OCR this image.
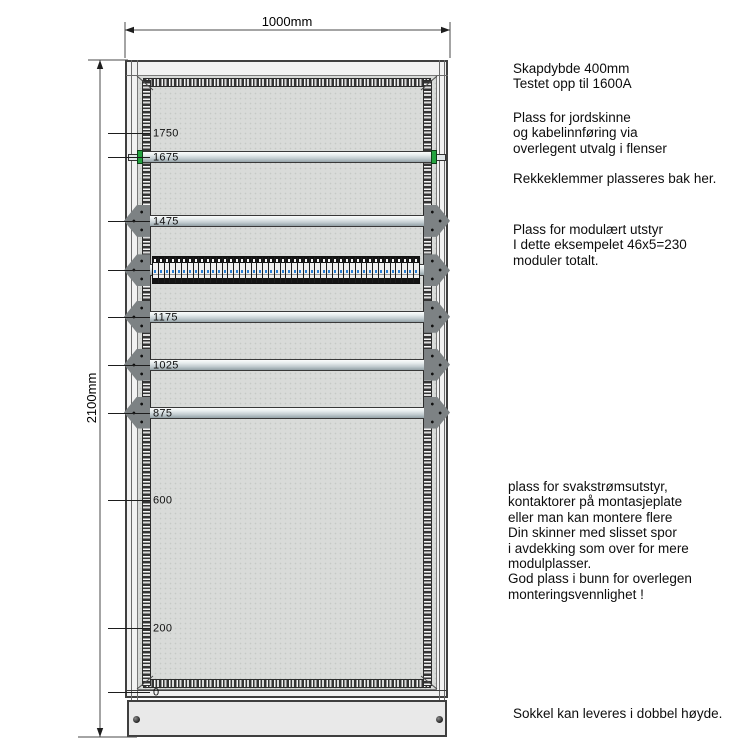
1750
1675
1475
1175
1025
875
600
200
0
1000mm
2100mm
Skapdybde 400mm
Testet opp til 1600A
Plass for jordskinne
og kabelinnføring via
overlegent utvalg i flenser
Rekkeklemmer plasseres bak her.
Plass for modulært utstyr
I dette eksempelet 46x5=230
moduler totalt.
plass for svakstrømsutstyr,
kontaktorer på montasjeplate
eller man kan montere flere
Din skinner med slisset spor
i avdekking som over for mere
modulplasser.
God plass i bunn for overlegen
monteringsvennlighet !
Sokkel kan leveres i dobbel høyde.
